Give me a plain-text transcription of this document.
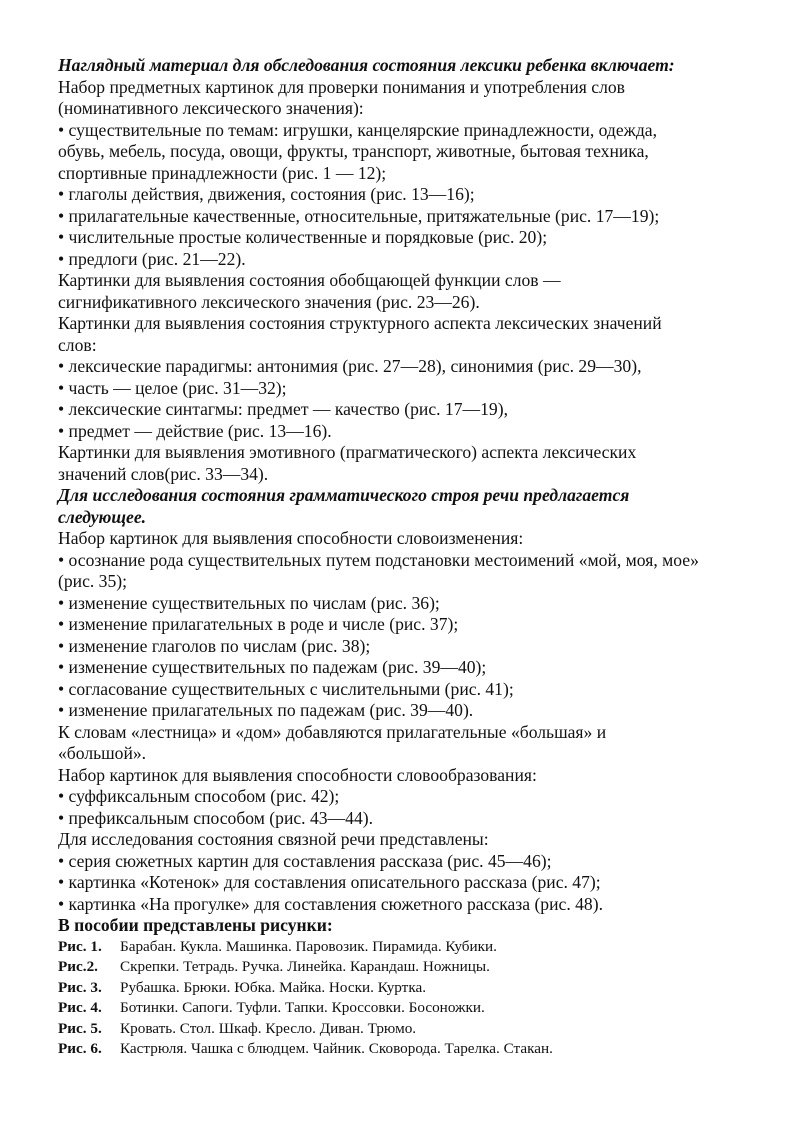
Наглядный материал для обследования состояния лексики ребенка включает:
Набор предметных картинок для проверки понимания и употребления слов
(номинативного лексического значения):
• существительные по темам: игрушки, канцелярские принадлежности, одежда,
обувь, мебель, посуда, овощи, фрукты, транспорт, животные, бытовая техника,
спортивные принадлежности (рис. 1 — 12);
• глаголы действия, движения, состояния (рис. 13—16);
• прилагательные качественные, относительные, притяжательные (рис. 17—19);
• числительные простые количественные и порядковые (рис. 20);
• предлоги (рис. 21—22).
Картинки для выявления состояния обобщающей функции слов —
сигнификативного лексического значения (рис. 23—26).
Картинки для выявления состояния структурного аспекта лексических значений
слов:
• лексические парадигмы: антонимия (рис. 27—28), синонимия (рис. 29—30),
• часть — целое (рис. 31—32);
• лексические синтагмы: предмет — качество (рис. 17—19),
• предмет — действие (рис. 13—16).
Картинки для выявления эмотивного (прагматического) аспекта лексических
значений слов(рис. 33—34).
Для исследования состояния грамматического строя речи предлагается
следующее.
Набор картинок для выявления способности словоизменения:
• осознание рода существительных путем подстановки местоимений «мой, моя, мое»
(рис. 35);
• изменение существительных по числам (рис. 36);
• изменение прилагательных в роде и числе (рис. 37);
• изменение глаголов по числам (рис. 38);
• изменение существительных по падежам (рис. 39—40);
• согласование существительных с числительными (рис. 41);
• изменение прилагательных по падежам (рис. 39—40).
К словам «лестница» и «дом» добавляются прилагательные «большая» и
«большой».
Набор картинок для выявления способности словообразования:
• суффиксальным способом (рис. 42);
• префиксальным способом (рис. 43—44).
Для исследования состояния связной речи представлены:
• серия сюжетных картин для составления рассказа (рис. 45—46);
• картинка «Котенок» для составления описательного рассказа (рис. 47);
• картинка «На прогулке» для составления сюжетного рассказа (рис. 48).
В пособии представлены рисунки:
Рис. 1. Барабан. Кукла. Машинка. Паровозик. Пирамида. Кубики.
Рис.2. Скрепки. Тетрадь. Ручка. Линейка. Карандаш. Ножницы.
Рис. 3. Рубашка. Брюки. Юбка. Майка. Носки. Куртка.
Рис. 4. Ботинки. Сапоги. Туфли. Тапки. Кроссовки. Босоножки.
Рис. 5. Кровать. Стол. Шкаф. Кресло. Диван. Трюмо.
Рис. 6. Кастрюля. Чашка с блюдцем. Чайник. Сковорода. Тарелка. Стакан.
